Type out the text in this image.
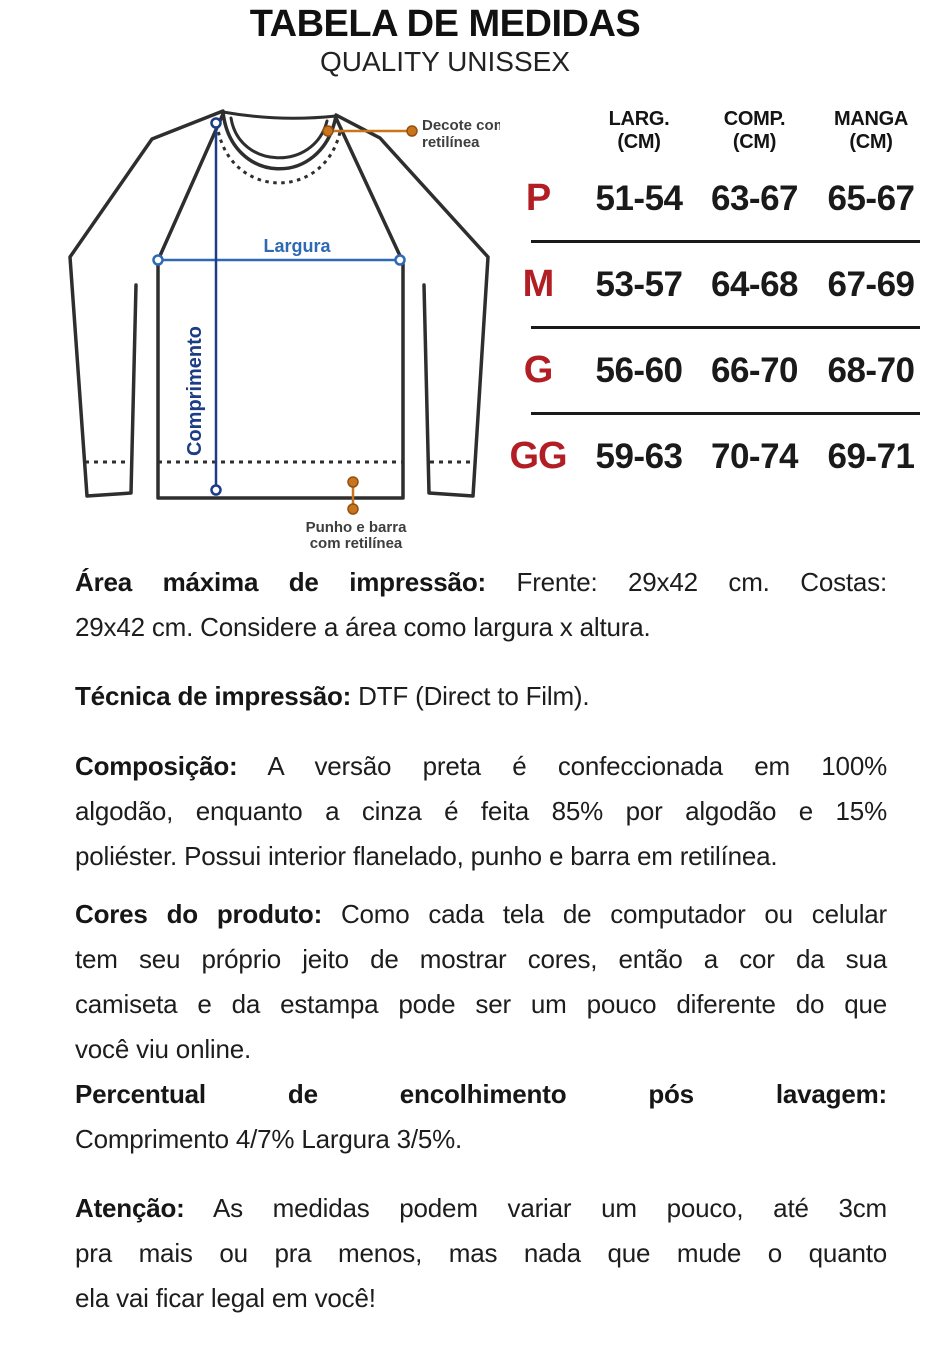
TABELA DE MEDIDAS
QUALITY UNISSEX
Largura
Comprimento
Decote com
retilínea
Punho e barra
com retilínea
LARG.
(CM)
COMP.
(CM)
MANGA
(CM)
P	51-54 63-67 65-67
M	53-57 64-68 67-69
G	56-60 66-70 68-70
GG 59-63 70-74 69-71

Área máxima de impressão: Frente: 29x42 cm. Costas:
29x42 cm. Considere a área como largura x altura.

Técnica de impressão: DTF (Direct to Film).

Composição: A versão preta é confeccionada em 100%
algodão, enquanto a cinza é feita 85% por algodão e 15%
poliéster. Possui interior flanelado, punho e barra em retilínea.

Cores do produto: Como cada tela de computador ou celular
tem seu próprio jeito de mostrar cores, então a cor da sua
camiseta e da estampa pode ser um pouco diferente do que
você viu online.

Percentual de encolhimento pós lavagem:
Comprimento 4/7% Largura 3/5%.

Atenção: As medidas podem variar um pouco, até 3cm
pra mais ou pra menos, mas nada que mude o quanto
ela vai ficar legal em você!
